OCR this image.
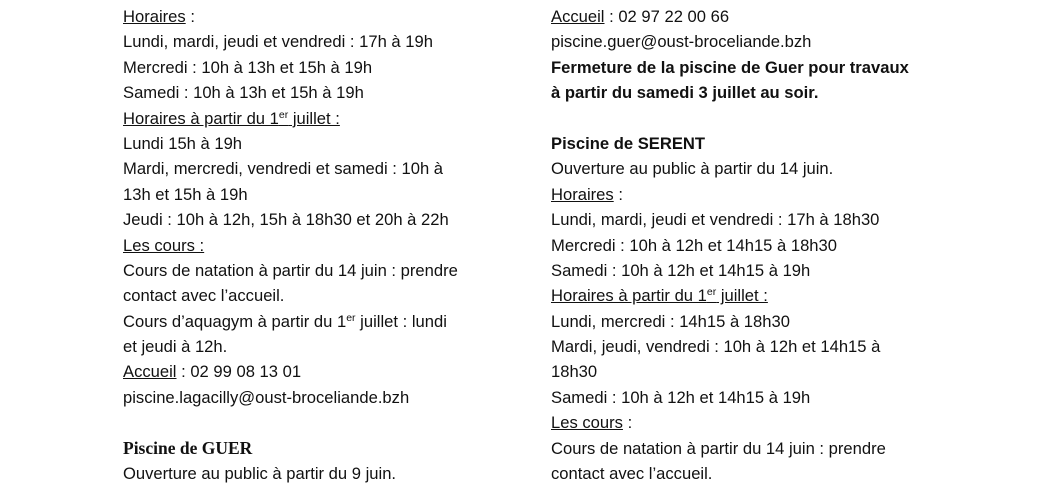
Horaires :
Lundi, mardi, jeudi et vendredi : 17h à 19h
Mercredi : 10h à 13h et 15h à 19h
Samedi : 10h à 13h et 15h à 19h
Horaires à partir du 1er juillet :
Lundi 15h à 19h
Mardi, mercredi, vendredi et samedi : 10h à
13h et 15h à 19h
Jeudi : 10h à 12h, 15h à 18h30 et 20h à 22h
Les cours :
Cours de natation à partir du 14 juin : prendre
contact avec l’accueil.
Cours d’aquagym à partir du 1er juillet : lundi
et jeudi à 12h.
Accueil : 02 99 08 13 01
piscine.lagacilly@oust-broceliande.bzh
Piscine de GUER
Ouverture au public à partir du 9 juin.
Accueil : 02 97 22 00 66
piscine.guer@oust-broceliande.bzh
Fermeture de la piscine de Guer pour travaux
à partir du samedi 3 juillet au soir.
Piscine de SERENT
Ouverture au public à partir du 14 juin.
Horaires :
Lundi, mardi, jeudi et vendredi : 17h à 18h30
Mercredi : 10h à 12h et 14h15 à 18h30
Samedi : 10h à 12h et 14h15 à 19h
Horaires à partir du 1er juillet :
Lundi, mercredi : 14h15 à 18h30
Mardi, jeudi, vendredi : 10h à 12h et 14h15 à
18h30
Samedi : 10h à 12h et 14h15 à 19h
Les cours :
Cours de natation à partir du 14 juin : prendre
contact avec l’accueil.
